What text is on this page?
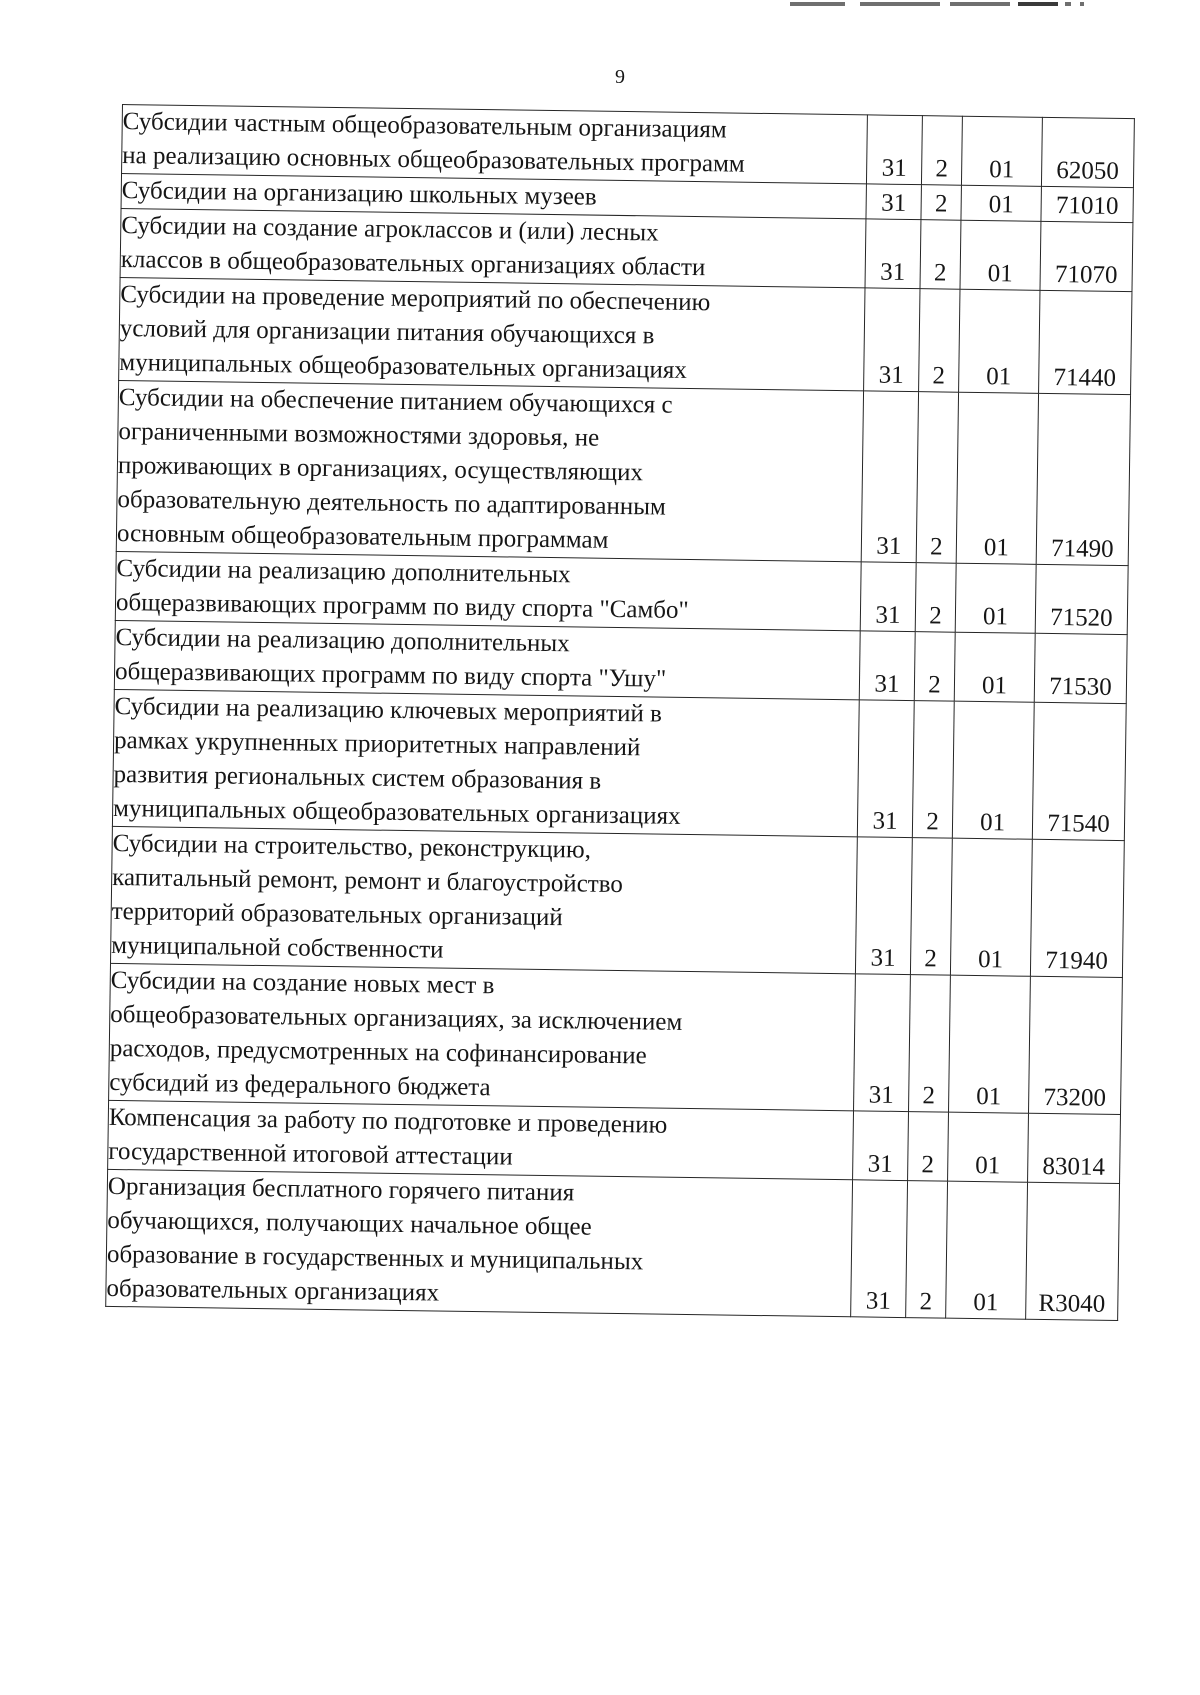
9
Субсидии частным общеобразовательным организациям
на реализацию основных общеобразовательных программ	31	2	01	62050
Субсидии на организацию школьных музеев	31	2	01	71010
Субсидии на создание агроклассов и (или) лесных
классов в общеобразовательных организациях области	31	2	01	71070
Субсидии на проведение мероприятий по обеспечению
условий для организации питания обучающихся в
муниципальных общеобразовательных организациях	31	2	01	71440
Субсидии на обеспечение питанием обучающихся с
ограниченными возможностями здоровья, не
проживающих в организациях, осуществляющих
образовательную деятельность по адаптированным
основным общеобразовательным программам	31	2	01	71490
Субсидии на реализацию дополнительных
общеразвивающих программ по виду спорта "Самбо"	31	2	01	71520
Субсидии на реализацию дополнительных
общеразвивающих программ по виду спорта "Ушу"	31	2	01	71530
Субсидии на реализацию ключевых мероприятий в
рамках укрупненных приоритетных направлений
развития региональных систем образования в
муниципальных общеобразовательных организациях	31	2	01	71540
Субсидии на строительство, реконструкцию,
капитальный ремонт, ремонт и благоустройство
территорий образовательных организаций
муниципальной собственности	31	2	01	71940
Субсидии на создание новых мест в
общеобразовательных организациях, за исключением
расходов, предусмотренных на софинансирование
субсидий из федерального бюджета	31	2	01	73200
Компенсация за работу по подготовке и проведению
государственной итоговой аттестации	31	2	01	83014
Организация бесплатного горячего питания
обучающихся, получающих начальное общее
образование в государственных и муниципальных
образовательных организациях	31	2	01	R3040
